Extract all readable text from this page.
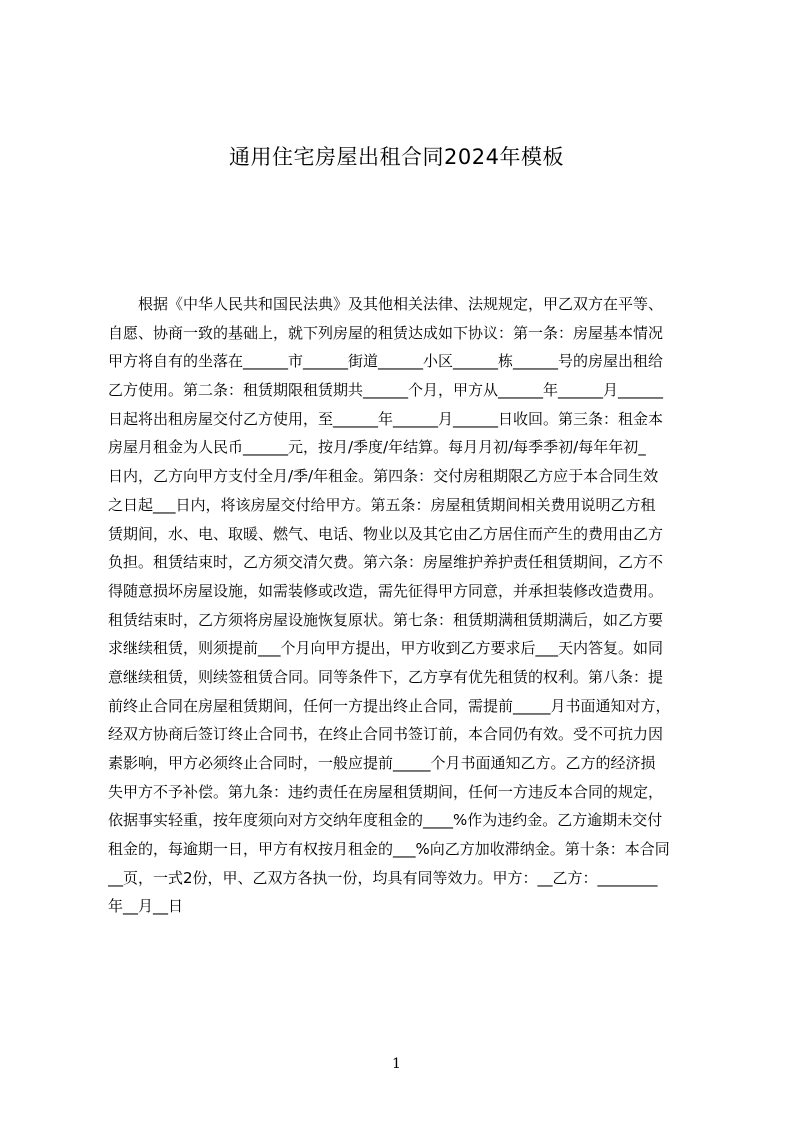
通用住宅房屋出租合同2024年模板
　　根据《中华人民共和国民法典》及其他相关法律、法规规定，甲乙双方在平等、
自愿、协商一致的基础上，就下列房屋的租赁达成如下协议：第一条：房屋基本情况
甲方将自有的坐落在______市______街道______小区______栋______号的房屋出租给
乙方使用。第二条：租赁期限租赁期共______个月，甲方从______年______月______
日起将出租房屋交付乙方使用，至______年______月______日收回。第三条：租金本
房屋月租金为人民币______元，按月/季度/年结算。每月月初/每季季初/每年年初_
日内，乙方向甲方支付全月/季/年租金。第四条：交付房租期限乙方应于本合同生效
之日起___日内，将该房屋交付给甲方。第五条：房屋租赁期间相关费用说明乙方租
赁期间，水、电、取暖、燃气、电话、物业以及其它由乙方居住而产生的费用由乙方
负担。租赁结束时，乙方须交清欠费。第六条：房屋维护养护责任租赁期间，乙方不
得随意损坏房屋设施，如需装修或改造，需先征得甲方同意，并承担装修改造费用。
租赁结束时，乙方须将房屋设施恢复原状。第七条：租赁期满租赁期满后，如乙方要
求继续租赁，则须提前___个月向甲方提出，甲方收到乙方要求后___天内答复。如同
意继续租赁，则续签租赁合同。同等条件下，乙方享有优先租赁的权利。第八条：提
前终止合同在房屋租赁期间，任何一方提出终止合同，需提前_____月书面通知对方，
经双方协商后签订终止合同书，在终止合同书签订前，本合同仍有效。受不可抗力因
素影响，甲方必须终止合同时，一般应提前_____个月书面通知乙方。乙方的经济损
失甲方不予补偿。第九条：违约责任在房屋租赁期间，任何一方违反本合同的规定，
依据事实轻重，按年度须向对方交纳年度租金的____%作为违约金。乙方逾期未交付
租金的，每逾期一日，甲方有权按月租金的___%向乙方加收滞纳金。第十条：本合同
__页，一式2份，甲、乙双方各执一份，均具有同等效力。甲方：__乙方：________
年__月__日
1
